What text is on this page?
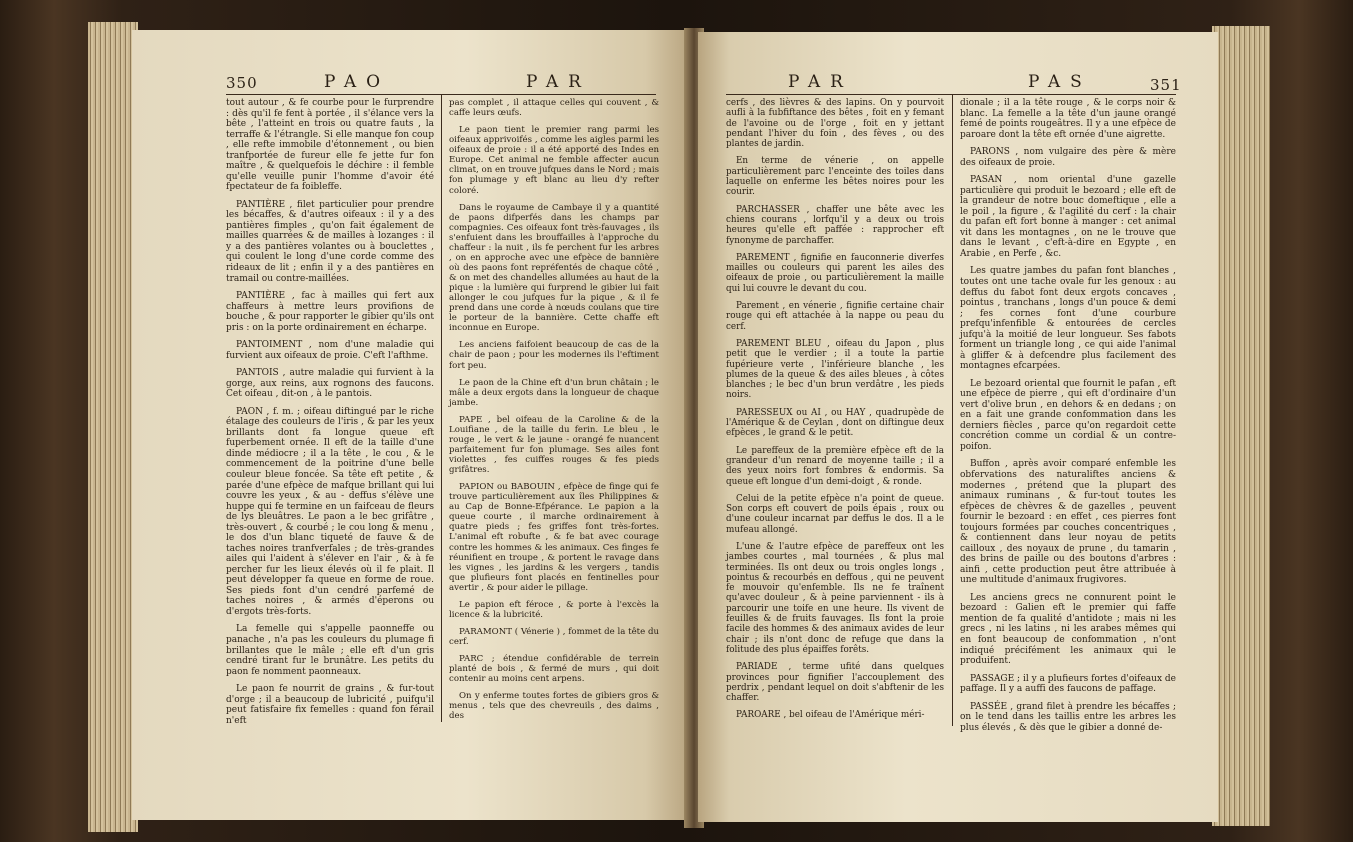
350	PAO	PAR

tout autour , & fe courbe pour le furprendre : dès qu'il fe fent à portée , il s'élance vers la bête , l'atteint en trois ou quatre fauts , la terraffe & l'étrangle. Si elle manque fon coup , elle refte immobile d'étonnement , ou bien tranfportée de fureur elle fe jette fur fon maître , & quelquefois le déchire : il femble qu'elle veuille punir l'homme d'avoir été fpectateur de fa foibleffe.

PANTIÈRE , filet particulier pour prendre les bécaffes, & d'autres oifeaux : il y a des pantières fimples , qu'on fait également de mailles quarrées & de mailles à lozanges : il y a des pantières volantes ou à bouclettes , qui coulent le long d'une corde comme des rideaux de lit ; enfin il y a des pantières en tramail ou contre-maillées.

PANTIÈRE , fac à mailles qui fert aux chaffeurs à mettre leurs provifions de bouche , & pour rapporter le gibier qu'ils ont pris : on la porte ordinairement en écharpe.

PANTOIMENT , nom d'une maladie qui furvient aux oifeaux de proie. C'eft l'afthme.

PANTOIS , autre maladie qui furvient à la gorge, aux reins, aux rognons des faucons. Cet oifeau , dit-on , à le pantois.

PAON , f. m. ; oifeau diftingué par le riche étalage des couleurs de l'iris , & par les yeux brillants dont fa longue queue eft fuperbement ornée. Il eft de la taille d'une dinde médiocre ; il a la tête , le cou , & le commencement de la poitrine d'une belle couleur bleue foncée. Sa tête eft petite , & parée d'une efpèce de mafque brillant qui lui couvre les yeux , & au - deffus s'élève une huppe qui fe termine en un faifceau de fleurs de lys bleuâtres. Le paon a le bec grifâtre , très-ouvert , & courbé ; le cou long & menu , le dos d'un blanc tiqueté de fauve & de taches noires tranfverfales ; de très-grandes ailes qui l'aident à s'élever en l'air , & à fe percher fur les lieux élevés où il fe plait. Il peut développer fa queue en forme de roue. Ses pieds font d'un cendré parfemé de taches noires , & armés d'éperons ou d'ergots très-forts.

La femelle qui s'appelle paonneffe ou panache , n'a pas les couleurs du plumage fi brillantes que le mâle ; elle eft d'un gris cendré tirant fur le brunâtre. Les petits du paon fe nomment paonneaux.

Le paon fe nourrit de grains , & fur-tout d'orge ; il a beaucoup de lubricité , puifqu'il peut fatisfaire fix femelles : quand fon férail n'eft

pas complet , il attaque celles qui couvent , & caffe leurs œufs.

Le paon tient le premier rang parmi les oifeaux apprivoifés , comme les aigles parmi les oifeaux de proie : il a été apporté des Indes en Europe. Cet animal ne femble affecter aucun climat, on en trouve jufques dans le Nord ; mais fon plumage y eft blanc au lieu d'y refter coloré.

Dans le royaume de Cambaye il y a quantité de paons difperfés dans les champs par compagnies. Ces oifeaux font très-fauvages , ils s'enfuient dans les brouffailles à l'approche du chaffeur : la nuit , ils fe perchent fur les arbres , on en approche avec une efpèce de bannière où des paons font repréfentés de chaque côté , & on met des chandelles allumées au haut de la pique : la lumière qui furprend le gibier lui fait allonger le cou jufques fur la pique , & il fe prend dans une corde à nœuds coulans que tire le porteur de la bannière. Cette chaffe eft inconnue en Europe.

Les anciens faifoient beaucoup de cas de la chair de paon ; pour les modernes ils l'eftiment fort peu.

Le paon de la Chine eft d'un brun châtain ; le mâle a deux ergots dans la longueur de chaque jambe.

PAPE , bel oifeau de la Caroline & de la Louifiane , de la taille du ferin. Le bleu , le rouge , le vert & le jaune - orangé fe nuancent parfaitement fur fon plumage. Ses ailes font violettes , fes cuiffes rouges & fes pieds grifâtres.

PAPION ou BABOUIN , efpèce de finge qui fe trouve particulièrement aux îles Philippines & au Cap de Bonne-Efpérance. Le papion a la queue courte , il marche ordinairement à quatre pieds ; fes griffes font très-fortes. L'animal eft robufte , & fe bat avec courage contre les hommes & les animaux. Ces finges fe réunifient en troupe , & portent le ravage dans les vignes , les jardins & les vergers , tandis que plufieurs font placés en fentinelles pour avertir , & pour aider le pillage.

Le papion eft féroce , & porte à l'excès la licence & la lubricité.

PARAMONT ( Vénerie ) , fommet de la tête du cerf.

PARC ; étendue confidérable de terrein planté de bois , & fermé de murs , qui doit contenir au moins cent arpens.

On y enferme toutes fortes de gibiers gros & menus , tels que des chevreuils , des daims , des

PAR	PAS	351

cerfs , des lièvres & des lapins. On y pourvoit aufli à la fubfiftance des bêtes , foit en y femant de l'avoine ou de l'orge , foit en y jettant pendant l'hiver du foin , des fèves , ou des plantes de jardin.

En terme de vénerie , on appelle particulièrement parc l'enceinte des toiles dans laquelle on enferme les bêtes noires pour les courir.

PARCHASSER , chaffer une bête avec les chiens courans , lorfqu'il y a deux ou trois heures qu'elle eft paffée : rapprocher eft fynonyme de parchaffer.

PAREMENT , fignifie en fauconnerie diverfes mailles ou couleurs qui parent les ailes des oifeaux de proie , ou particulièrement la maille qui lui couvre le devant du cou.

Parement , en vénerie , fignifie certaine chair rouge qui eft attachée à la nappe ou peau du cerf.

PAREMENT BLEU , oifeau du Japon , plus petit que le verdier ; il a toute la partie fupérieure verte , l'inférieure blanche , les plumes de la queue & des ailes bleues , à côtes blanches ; le bec d'un brun verdâtre , les pieds noirs.

PARESSEUX ou AI , ou HAY , quadrupède de l'Amérique & de Ceylan , dont on diftingue deux efpèces , le grand & le petit.

Le pareffeux de la première efpèce eft de la grandeur d'un renard de moyenne taille ; il a des yeux noirs fort fombres & endormis. Sa queue eft longue d'un demi-doigt , & ronde.

Celui de la petite efpèce n'a point de queue. Son corps eft couvert de poils épais , roux ou d'une couleur incarnat par deffus le dos. Il a le mufeau allongé.

L'une & l'autre efpèce de pareffeux ont les jambes courtes , mal tournées , & plus mal terminées. Ils ont deux ou trois ongles longs , pointus & recourbés en deffous , qui ne peuvent fe mouvoir qu'enfemble. Ils ne fe traînent qu'avec douleur , & à peine parviennent - ils à parcourir une toife en une heure. Ils vivent de feuilles & de fruits fauvages. Ils font la proie facile des hommes & des animaux avides de leur chair ; ils n'ont donc de refuge que dans la folitude des plus épaiffes forêts.

PARIADE , terme ufité dans quelques provinces pour fignifier l'accouplement des perdrix , pendant lequel on doit s'abftenir de les chaffer.

PAROARE , bel oifeau de l'Amérique méri-

dionale ; il a la tête rouge , & le corps noir & blanc. La femelle a la tête d'un jaune orangé femé de points rougeâtres. Il y a une efpèce de paroare dont la tête eft ornée d'une aigrette.

PARONS , nom vulgaire des père & mère des oifeaux de proie.

PASAN , nom oriental d'une gazelle particulière qui produit le bezoard ; elle eft de la grandeur de notre bouc domeftique , elle a le poil , la figure , & l'agilité du cerf : la chair du pafan eft fort bonne à manger : cet animal vit dans les montagnes , on ne le trouve que dans le levant , c'eft-à-dire en Egypte , en Arabie , en Perfe , &c.

Les quatre jambes du pafan font blanches , toutes ont une tache ovale fur les genoux : au deffus du fabot font deux ergots concaves , pointus , tranchans , longs d'un pouce & demi ; fes cornes font d'une courbure prefqu'infenfible & entourées de cercles jufqu'à la moitié de leur longueur. Ses fabots forment un triangle long , ce qui aide l'animal à gliffer & à defcendre plus facilement des montagnes efcarpées.

Le bezoard oriental que fournit le pafan , eft une efpèce de pierre , qui eft d'ordinaire d'un vert d'olive brun , en dehors & en dedans ; on en a fait une grande confommation dans les derniers fiècles , parce qu'on regardoit cette concrétion comme un cordial & un contre-poifon.

Buffon , après avoir comparé enfemble les obfervations des naturaliftes anciens & modernes , prétend que la plupart des animaux ruminans , & fur-tout toutes les efpèces de chèvres & de gazelles , peuvent fournir le bezoard : en effet , ces pierres font toujours formées par couches concentriques , & contiennent dans leur noyau de petits cailloux , des noyaux de prune , du tamarin , des brins de paille ou des boutons d'arbres : ainfi , cette production peut être attribuée à une multitude d'animaux frugivores.

Les anciens grecs ne connurent point le bezoard : Galien eft le premier qui faffe mention de fa qualité d'antidote ; mais ni les grecs , ni les latins , ni les arabes mêmes qui en font beaucoup de confommation , n'ont indiqué précifément les animaux qui le produifent.

PASSAGE ; il y a plufieurs fortes d'oifeaux de paffage. Il y a auffi des faucons de paffage.

PASSÉE , grand filet à prendre les bécaffes ; on le tend dans les taillis entre les arbres les plus élevés , & dès que le gibier a donné de-
